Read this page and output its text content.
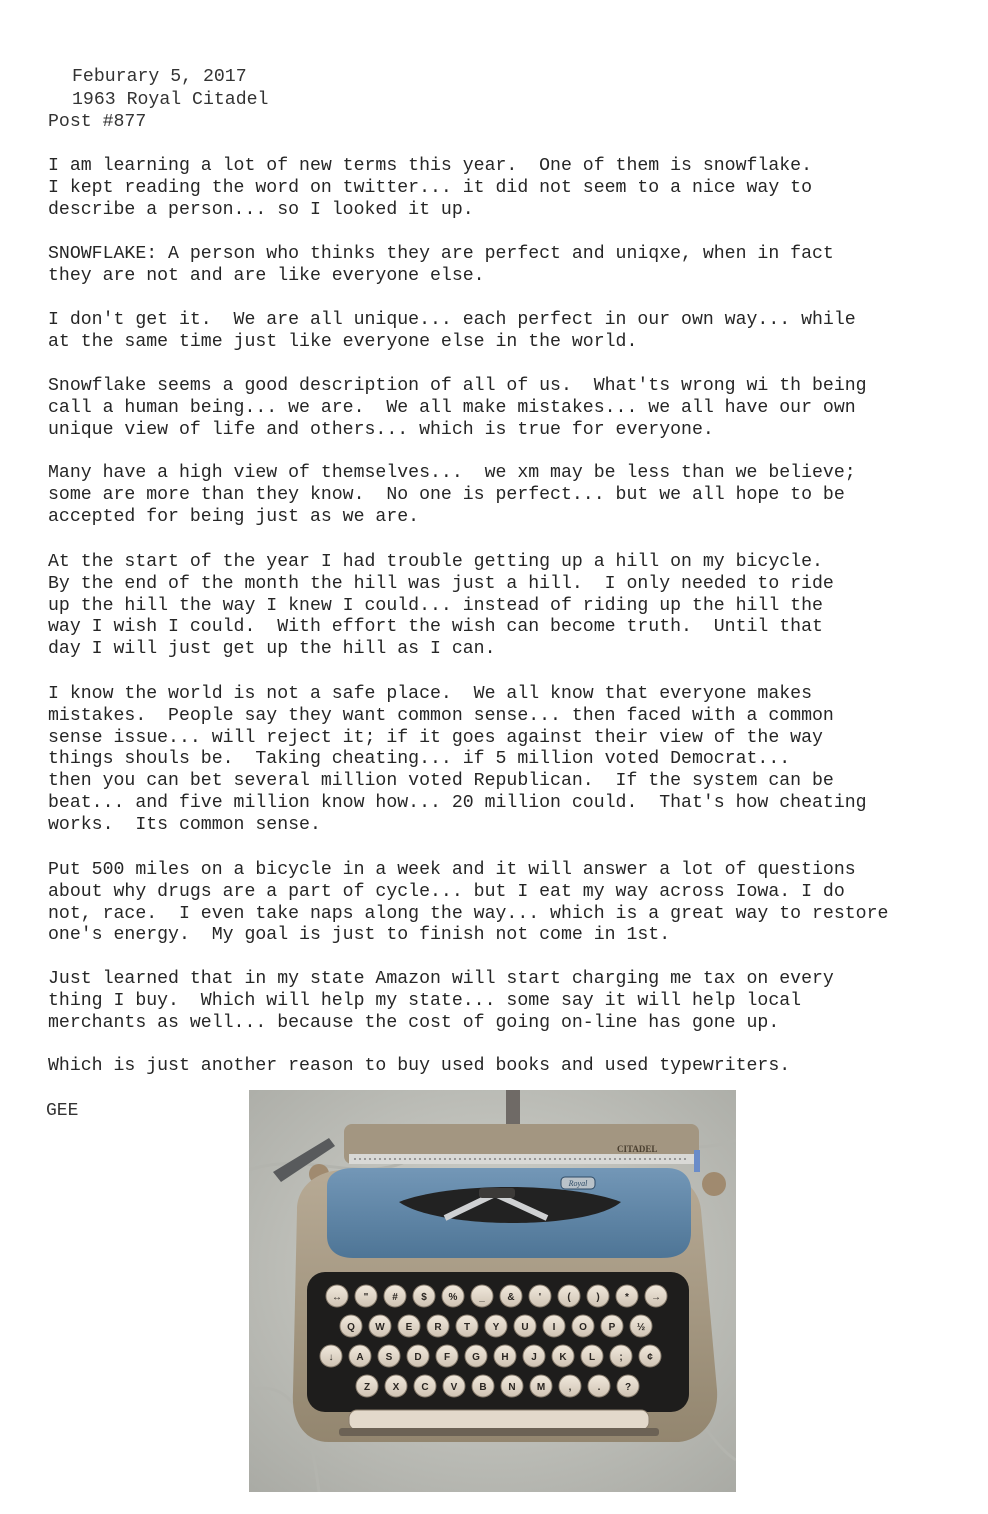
Feburary 5, 2017
1963 Royal Citadel
Post #877

I am learning a lot of new terms this year.  One of them is snowflake.
I kept reading the word on twitter... it did not seem to a nice way to
describe a person... so I looked it up.

SNOWFLAKE: A person who thinks they are perfect and uniqxe, when in fact
they are not and are like everyone else.

I don't get it.  We are all unique... each perfect in our own way... while
at the same time just like everyone else in the world.

Snowflake seems a good description of all of us.  What'ts wrong wi th being
call a human being... we are.  We all make mistakes... we all have our own
unique view of life and others... which is true for everyone.

Many have a high view of themselves...  we xm may be less than we believe;
some are more than they know.  No one is perfect... but we all hope to be
accepted for being just as we are.

At the start of the year I had trouble getting up a hill on my bicycle.
By the end of the month the hill was just a hill.  I only needed to ride
up the hill the way I knew I could... instead of riding up the hill the
way I wish I could.  With effort the wish can become truth.  Until that
day I will just get up the hill as I can.

I know the world is not a safe place.  We all know that everyone makes
mistakes.  People say they want common sense... then faced with a common
sense issue... will reject it; if it goes against their view of the way
things shouls be.  Taking cheating... if 5 million voted Democrat...
then you can bet several million voted Republican.  If the system can be
beat... and five million know how... 20 million could.  That's how cheating
works.  Its common sense.

Put 500 miles on a bicycle in a week and it will answer a lot of questions
about why drugs are a part of cycle... but I eat my way across Iowa. I do
not, race.  I even take naps along the way... which is a great way to restore
one's energy.  My goal is just to finish not come in 1st.

Just learned that in my state Amazon will start charging me tax on every
thing I buy.  Which will help my state... some say it will help local
merchants as well... because the cost of going on-line has gone up.

Which is just another reason to buy used books and used typewriters.

GEE
CITADEL
Royal
↔ " # $ % _ & '	(	)	* →
Q W E R T Y U I O P ½
↓ A S D F G H J K L ; ¢
Z X C V B N M ,	. ?
